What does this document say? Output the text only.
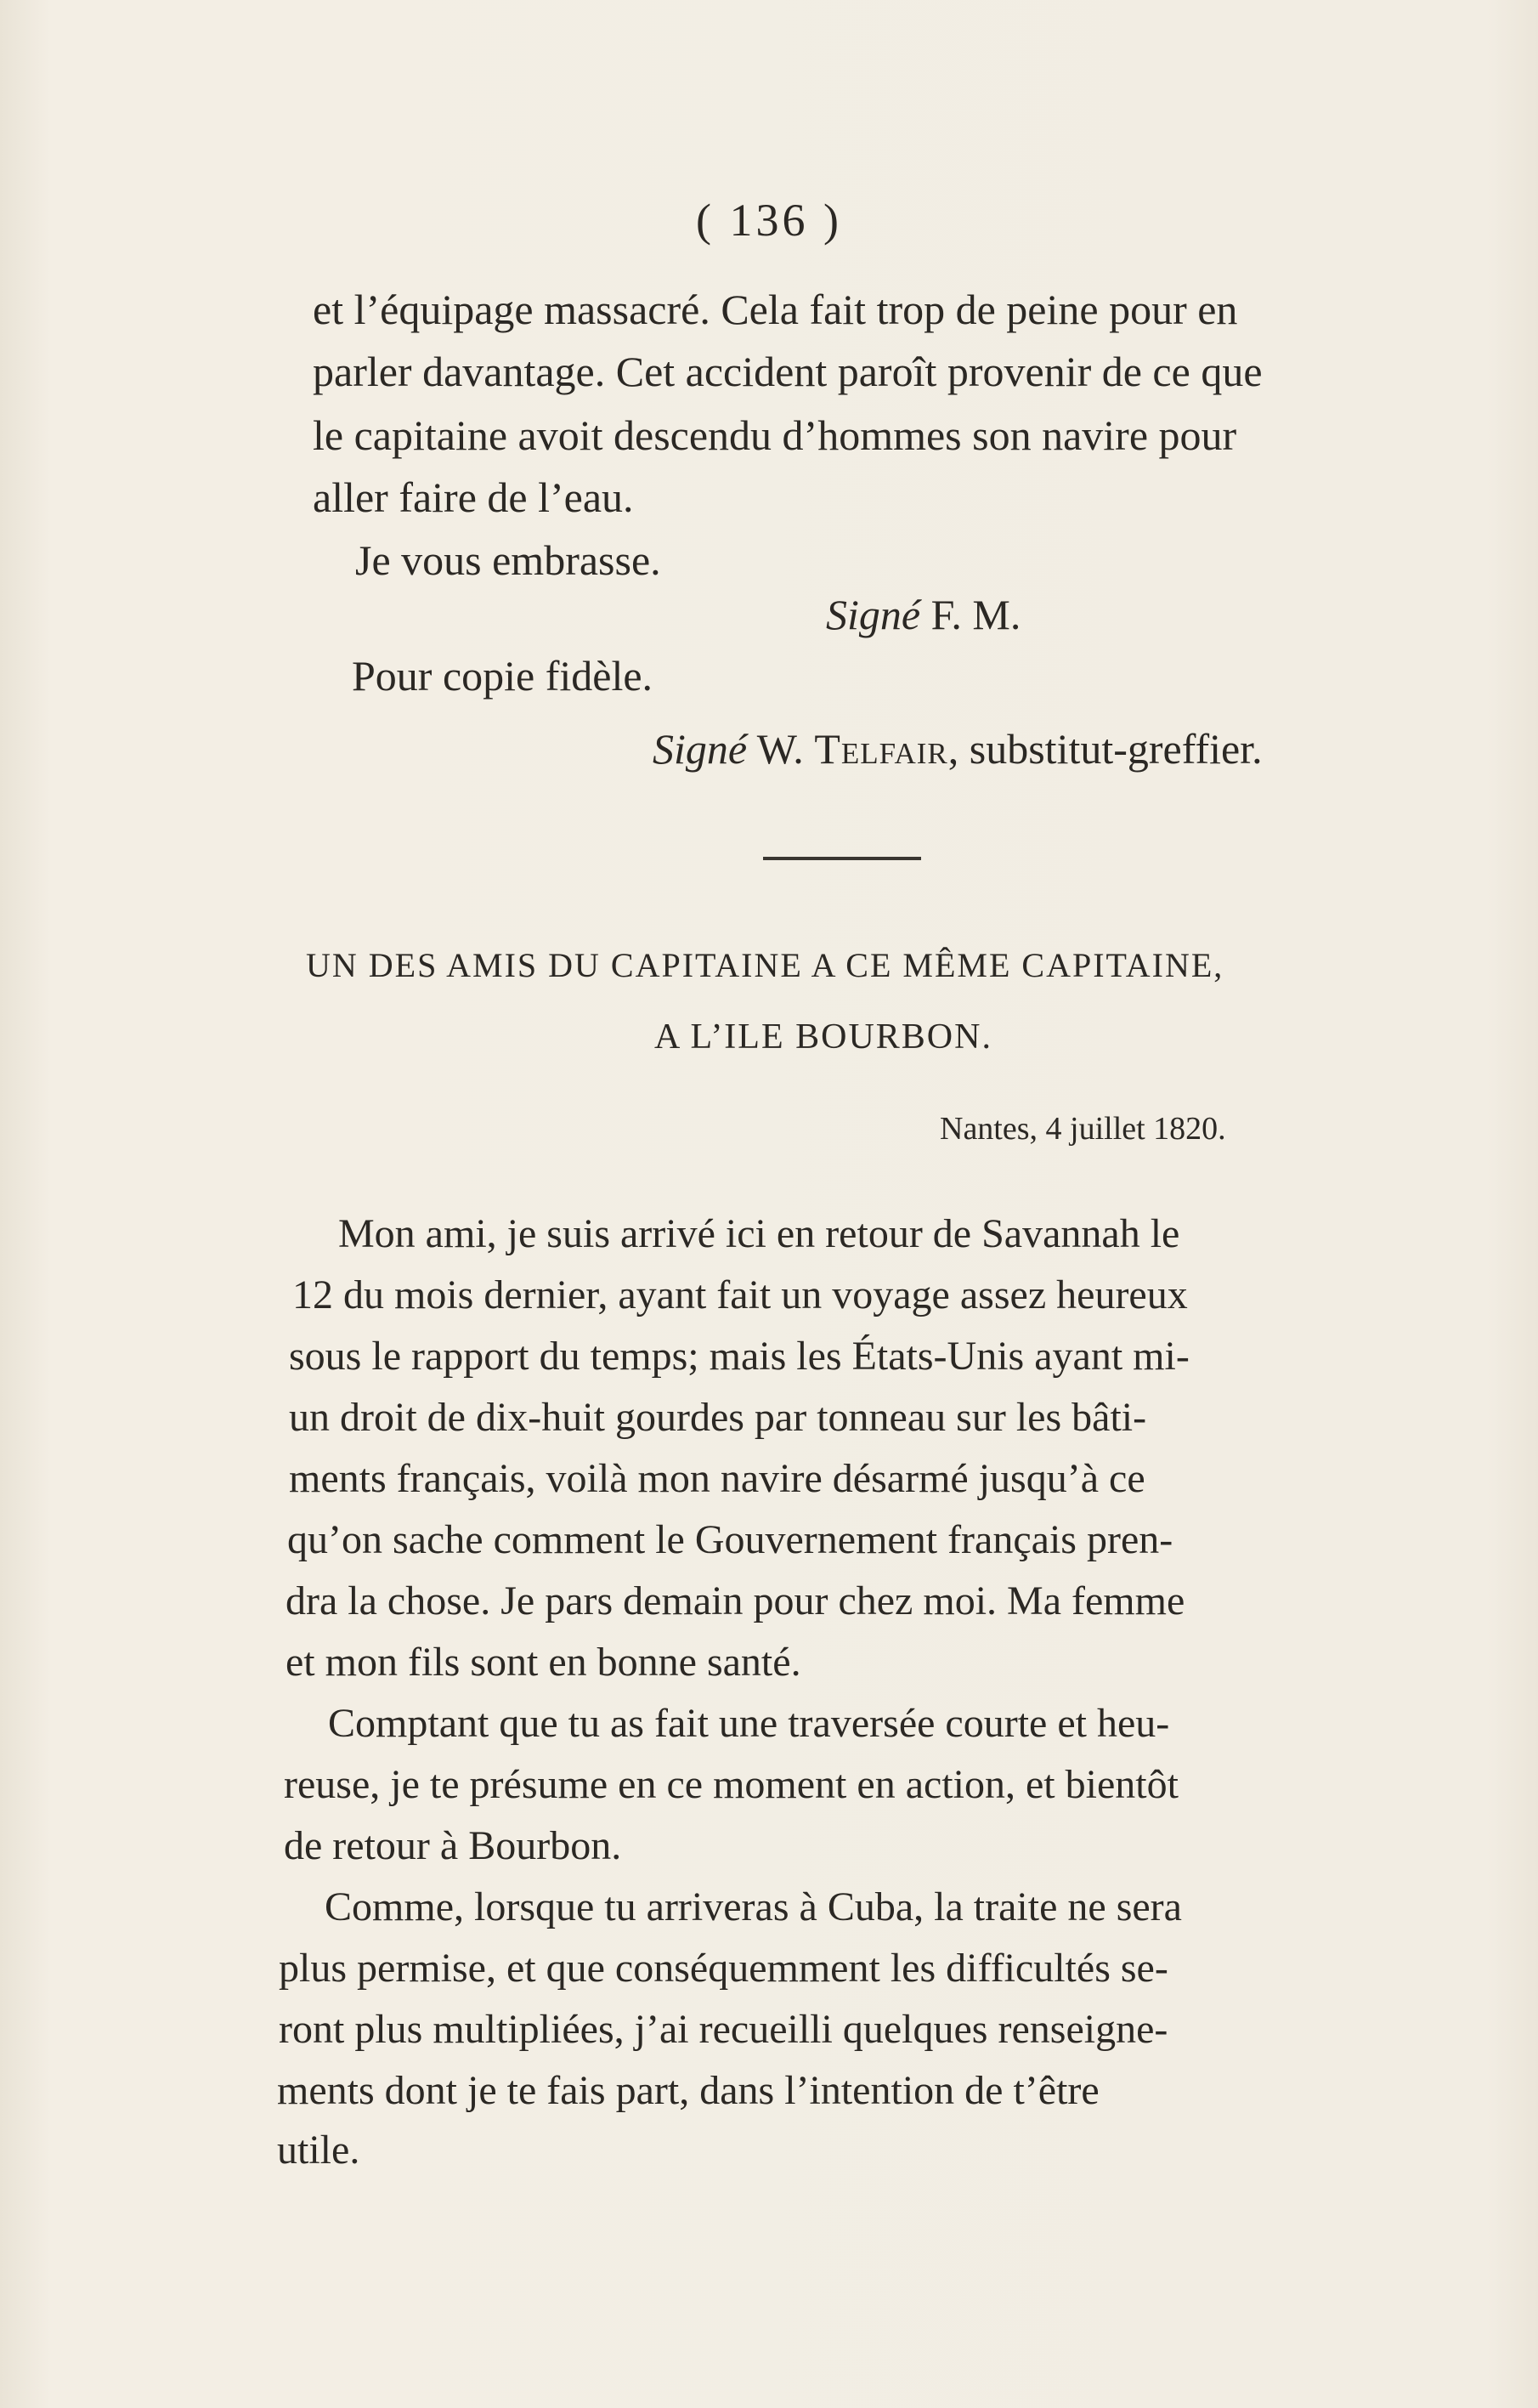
( 136 )
et l’équipage massacré. Cela fait trop de peine pour en
parler davantage. Cet accident paroît provenir de ce que
le capitaine avoit descendu d’hommes son navire pour
aller faire de l’eau.
Je vous embrasse.
Signé F. M.
Pour copie fidèle.
Signé W. Telfair, substitut-greffier.
UN DES AMIS DU CAPITAINE A CE MÊME CAPITAINE,
A L’ILE BOURBON.
Nantes, 4 juillet 1820.
Mon ami, je suis arrivé ici en retour de Savannah le
12 du mois dernier, ayant fait un voyage assez heureux
sous le rapport du temps; mais les États-Unis ayant mi-
un droit de dix-huit gourdes par tonneau sur les bâti-
ments français, voilà mon navire désarmé jusqu’à ce
qu’on sache comment le Gouvernement français pren-
dra la chose. Je pars demain pour chez moi. Ma femme
et mon fils sont en bonne santé.
Comptant que tu as fait une traversée courte et heu-
reuse, je te présume en ce moment en action, et bientôt
de retour à Bourbon.
Comme, lorsque tu arriveras à Cuba, la traite ne sera
plus permise, et que conséquemment les difficultés se-
ront plus multipliées, j’ai recueilli quelques renseigne-
ments dont je te fais part, dans l’intention de t’être
utile.
